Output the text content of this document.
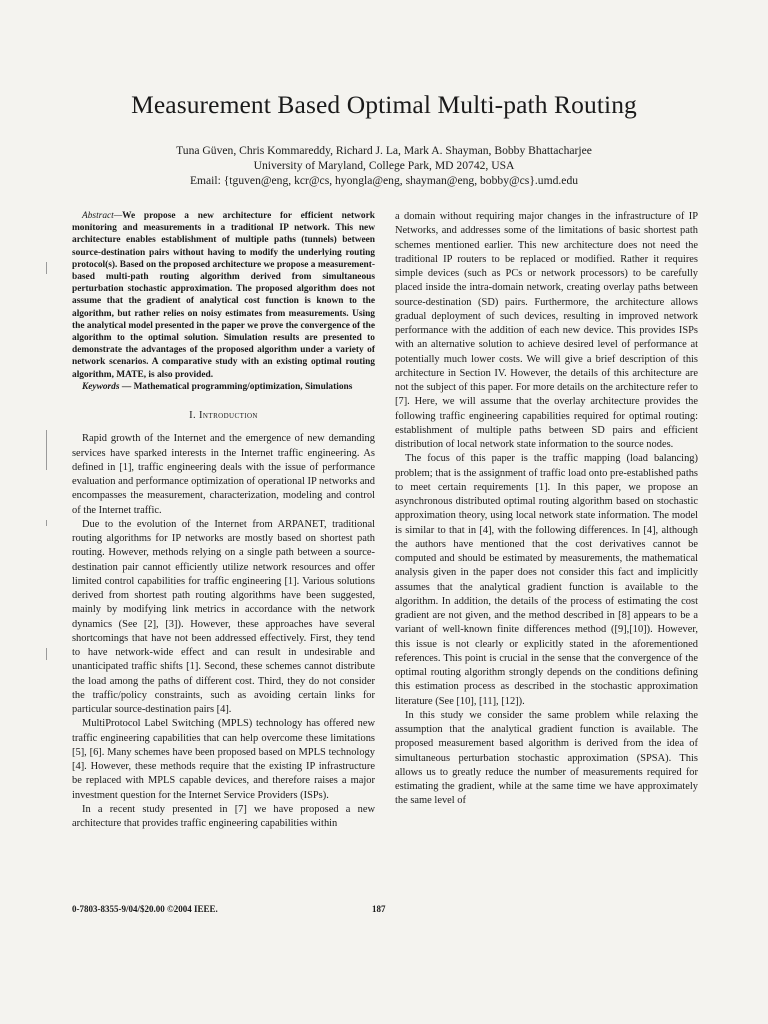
Measurement Based Optimal Multi-path Routing
Tuna Güven, Chris Kommareddy, Richard J. La, Mark A. Shayman, Bobby Bhattacharjee
University of Maryland, College Park, MD 20742, USA
Email: {tguven@eng, kcr@cs, hyongla@eng, shayman@eng, bobby@cs}.umd.edu

Abstract—We propose a new architecture for efficient network monitoring and measurements in a traditional IP network. This new architecture enables establishment of multiple paths (tunnels) between source-destination pairs without having to modify the underlying routing protocol(s). Based on the proposed architecture we propose a measurement-based multi-path routing algorithm derived from simultaneous perturbation stochastic approximation. The proposed algorithm does not assume that the gradient of analytical cost function is known to the algorithm, but rather relies on noisy estimates from measurements. Using the analytical model presented in the paper we prove the convergence of the algorithm to the optimal solution. Simulation results are presented to demonstrate the advantages of the proposed algorithm under a variety of network scenarios. A comparative study with an existing optimal routing algorithm, MATE, is also provided.

Keywords — Mathematical programming/optimization, Simulations

I. Introduction

Rapid growth of the Internet and the emergence of new demanding services have sparked interests in the Internet traffic engineering. As defined in [1], traffic engineering deals with the issue of performance evaluation and performance optimization of operational IP networks and encompasses the measurement, characterization, modeling and control of the Internet traffic.

Due to the evolution of the Internet from ARPANET, traditional routing algorithms for IP networks are mostly based on shortest path routing. However, methods relying on a single path between a source-destination pair cannot efficiently utilize network resources and offer limited control capabilities for traffic engineering [1]. Various solutions derived from shortest path routing algorithms have been suggested, mainly by modifying link metrics in accordance with the network dynamics (See [2], [3]). However, these approaches have several shortcomings that have not been addressed effectively. First, they tend to have network-wide effect and can result in undesirable and unanticipated traffic shifts [1]. Second, these schemes cannot distribute the load among the paths of different cost. Third, they do not consider the traffic/policy constraints, such as avoiding certain links for particular source-destination pairs [4].

MultiProtocol Label Switching (MPLS) technology has offered new traffic engineering capabilities that can help overcome these limitations [5], [6]. Many schemes have been proposed based on MPLS technology [4]. However, these methods require that the existing IP infrastructure be replaced with MPLS capable devices, and therefore raises a major investment question for the Internet Service Providers (ISPs).

In a recent study presented in [7] we have proposed a new architecture that provides traffic engineering capabilities within

a domain without requiring major changes in the infrastructure of IP Networks, and addresses some of the limitations of basic shortest path schemes mentioned earlier. This new architecture does not need the traditional IP routers to be replaced or modified. Rather it requires simple devices (such as PCs or network processors) to be carefully placed inside the intra-domain network, creating overlay paths between source-destination (SD) pairs. Furthermore, the architecture allows gradual deployment of such devices, resulting in improved network performance with the addition of each new device. This provides ISPs with an alternative solution to achieve desired level of performance at potentially much lower costs. We will give a brief description of this architecture in Section IV. However, the details of this architecture are not the subject of this paper. For more details on the architecture refer to [7]. Here, we will assume that the overlay architecture provides the following traffic engineering capabilities required for optimal routing: establishment of multiple paths between SD pairs and efficient distribution of local network state information to the source nodes.

The focus of this paper is the traffic mapping (load balancing) problem; that is the assignment of traffic load onto pre-established paths to meet certain requirements [1]. In this paper, we propose an asynchronous distributed optimal routing algorithm based on stochastic approximation theory, using local network state information. The model is similar to that in [4], with the following differences. In [4], although the authors have mentioned that the cost derivatives cannot be computed and should be estimated by measurements, the mathematical analysis given in the paper does not consider this fact and implicitly assumes that the analytical gradient function is available to the algorithm. In addition, the details of the process of estimating the cost gradient are not given, and the method described in [8] appears to be a variant of well-known finite differences method ([9],[10]). However, this issue is not clearly or explicitly stated in the aforementioned references. This point is crucial in the sense that the convergence of the optimal routing algorithm strongly depends on the conditions defining this estimation process as described in the stochastic approximation literature (See [10], [11], [12]).

In this study we consider the same problem while relaxing the assumption that the analytical gradient function is available. The proposed measurement based algorithm is derived from the idea of simultaneous perturbation stochastic approximation (SPSA). This allows us to greatly reduce the number of measurements required for estimating the gradient, while at the same time we have approximately the same level of

0-7803-8355-9/04/$20.00 ©2004 IEEE.	187
